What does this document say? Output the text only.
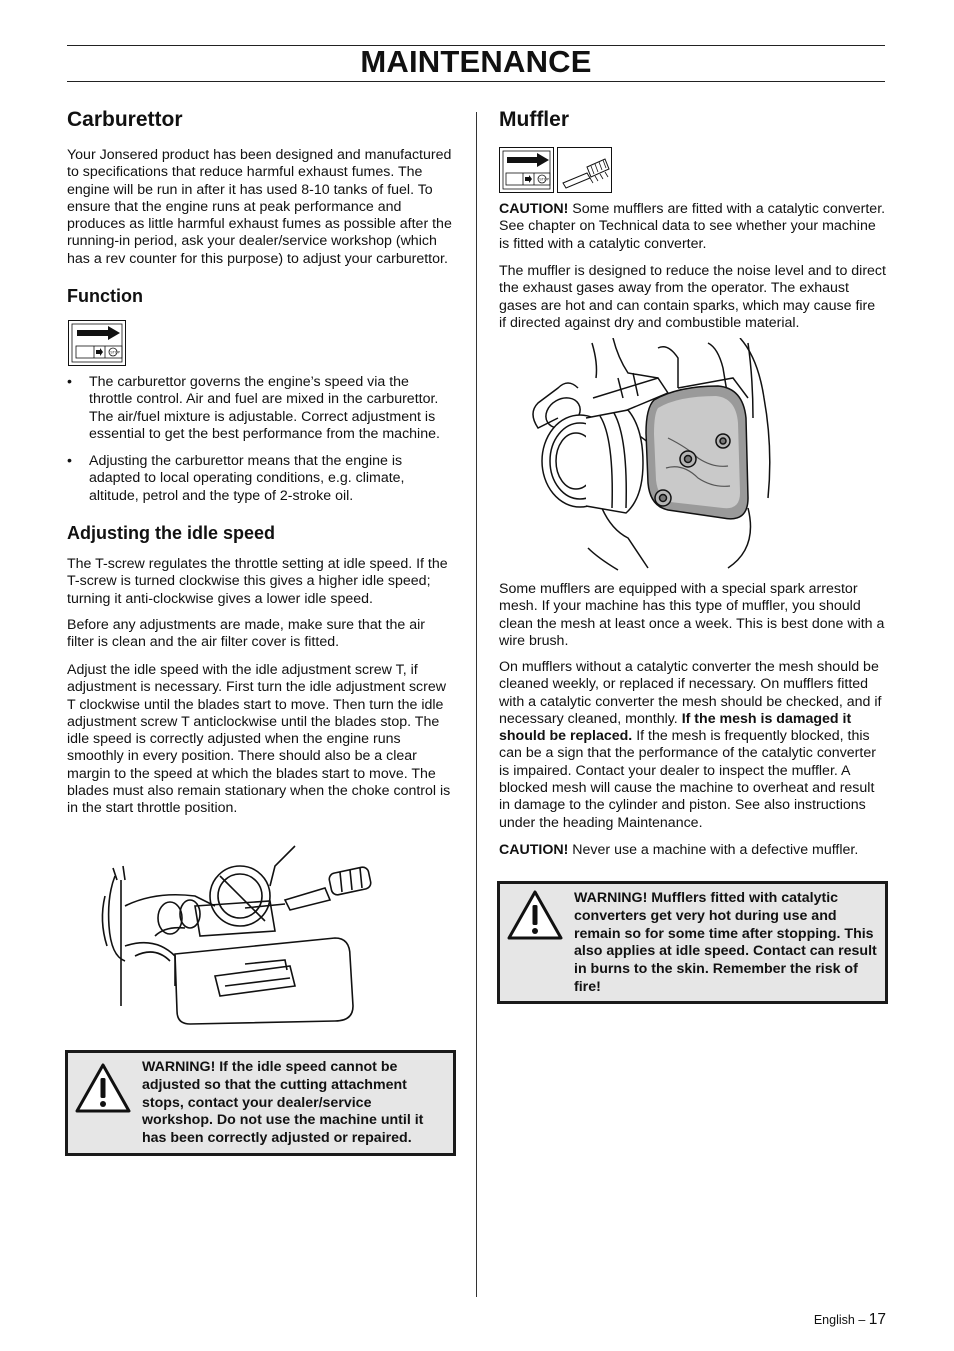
MAINTENANCE
Carburettor

Your Jonsered product has been designed and manufactured to specifications that reduce harmful exhaust fumes. The engine will be run in after it has used 8-10 tanks of fuel. To ensure that the engine runs at peak performance and produces as little harmful exhaust fumes as possible after the running-in period, ask your dealer/service workshop (which has a rev counter for this purpose) to adjust your carburettor.

Function
STOP
• The carburettor governs the engine’s speed via the throttle control. Air and fuel are mixed in the carburettor. The air/fuel mixture is adjustable. Correct adjustment is essential to get the best performance from the machine.
• Adjusting the carburettor means that the engine is adapted to local operating conditions, e.g. climate, altitude, petrol and the type of 2-stroke oil.
Adjusting the idle speed

The T-screw regulates the throttle setting at idle speed. If the T-screw is turned clockwise this gives a higher idle speed; turning it anti-clockwise gives a lower idle speed.

Before any adjustments are made, make sure that the air filter is clean and the air filter cover is fitted.

Adjust the idle speed with the idle adjustment screw T, if adjustment is necessary. First turn the idle adjustment screw T clockwise until the blades start to move. Then turn the idle adjustment screw T anticlockwise until the blades stop. The idle speed is correctly adjusted when the engine runs smoothly in every position. There should also be a clear margin to the speed at which the blades start to move. The blades must also remain stationary when the choke control is in the start throttle position.

WARNING! If the idle speed cannot be adjusted so that the cutting attachment stops, contact your dealer/service workshop. Do not use the machine until it has been correctly adjusted or repaired.
Muffler
STOP

CAUTION! Some mufflers are fitted with a catalytic converter. See chapter on Technical data to see whether your machine is fitted with a catalytic converter.

The muffler is designed to reduce the noise level and to direct the exhaust gases away from the operator. The exhaust gases are hot and can contain sparks, which may cause fire if directed against dry and combustible material.

Some mufflers are equipped with a special spark arrestor mesh. If your machine has this type of muffler, you should clean the mesh at least once a week. This is best done with a wire brush.

On mufflers without a catalytic converter the mesh should be cleaned weekly, or replaced if necessary. On mufflers fitted with a catalytic converter the mesh should be checked, and if necessary cleaned, monthly. If the mesh is damaged it should be replaced. If the mesh is frequently blocked, this can be a sign that the performance of the catalytic converter is impaired. Contact your dealer to inspect the muffler. A blocked mesh will cause the machine to overheat and result in damage to the cylinder and piston. See also instructions under the heading Maintenance.

CAUTION! Never use a machine with a defective muffler.

WARNING! Mufflers fitted with catalytic converters get very hot during use and remain so for some time after stopping. This also applies at idle speed. Contact can result in burns to the skin. Remember the risk of fire!
English – 17
